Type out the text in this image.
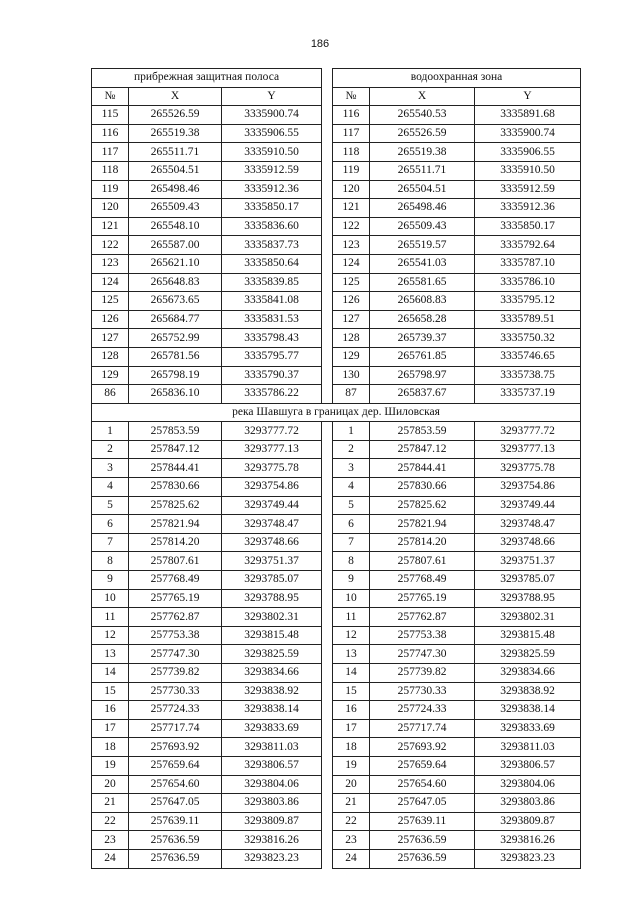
186
прибрежная защитная полоса				водоохранная зона		
№	X	Y		№	X	Y
115	265526.59	3335900.74		116	265540.53	3335891.68
116	265519.38	3335906.55		117	265526.59	3335900.74
117	265511.71	3335910.50		118	265519.38	3335906.55
118	265504.51	3335912.59		119	265511.71	3335910.50
119	265498.46	3335912.36		120	265504.51	3335912.59
120	265509.43	3335850.17		121	265498.46	3335912.36
121	265548.10	3335836.60		122	265509.43	3335850.17
122	265587.00	3335837.73		123	265519.57	3335792.64
123	265621.10	3335850.64		124	265541.03	3335787.10
124	265648.83	3335839.85		125	265581.65	3335786.10
125	265673.65	3335841.08		126	265608.83	3335795.12
126	265684.77	3335831.53		127	265658.28	3335789.51
127	265752.99	3335798.43		128	265739.37	3335750.32
128	265781.56	3335795.77		129	265761.85	3335746.65
129	265798.19	3335790.37		130	265798.97	3335738.75
86	265836.10	3335786.22		87	265837.67	3335737.19
река Шавшуга в границах дер. Шиловская						
1	257853.59	3293777.72		1	257853.59	3293777.72
2	257847.12	3293777.13		2	257847.12	3293777.13
3	257844.41	3293775.78		3	257844.41	3293775.78
4	257830.66	3293754.86		4	257830.66	3293754.86
5	257825.62	3293749.44		5	257825.62	3293749.44
6	257821.94	3293748.47		6	257821.94	3293748.47
7	257814.20	3293748.66		7	257814.20	3293748.66
8	257807.61	3293751.37		8	257807.61	3293751.37
9	257768.49	3293785.07		9	257768.49	3293785.07
10	257765.19	3293788.95		10	257765.19	3293788.95
11	257762.87	3293802.31		11	257762.87	3293802.31
12	257753.38	3293815.48		12	257753.38	3293815.48
13	257747.30	3293825.59		13	257747.30	3293825.59
14	257739.82	3293834.66		14	257739.82	3293834.66
15	257730.33	3293838.92		15	257730.33	3293838.92
16	257724.33	3293838.14		16	257724.33	3293838.14
17	257717.74	3293833.69		17	257717.74	3293833.69
18	257693.92	3293811.03		18	257693.92	3293811.03
19	257659.64	3293806.57		19	257659.64	3293806.57
20	257654.60	3293804.06		20	257654.60	3293804.06
21	257647.05	3293803.86		21	257647.05	3293803.86
22	257639.11	3293809.87		22	257639.11	3293809.87
23	257636.59	3293816.26		23	257636.59	3293816.26
24	257636.59	3293823.23		24	257636.59	3293823.23
